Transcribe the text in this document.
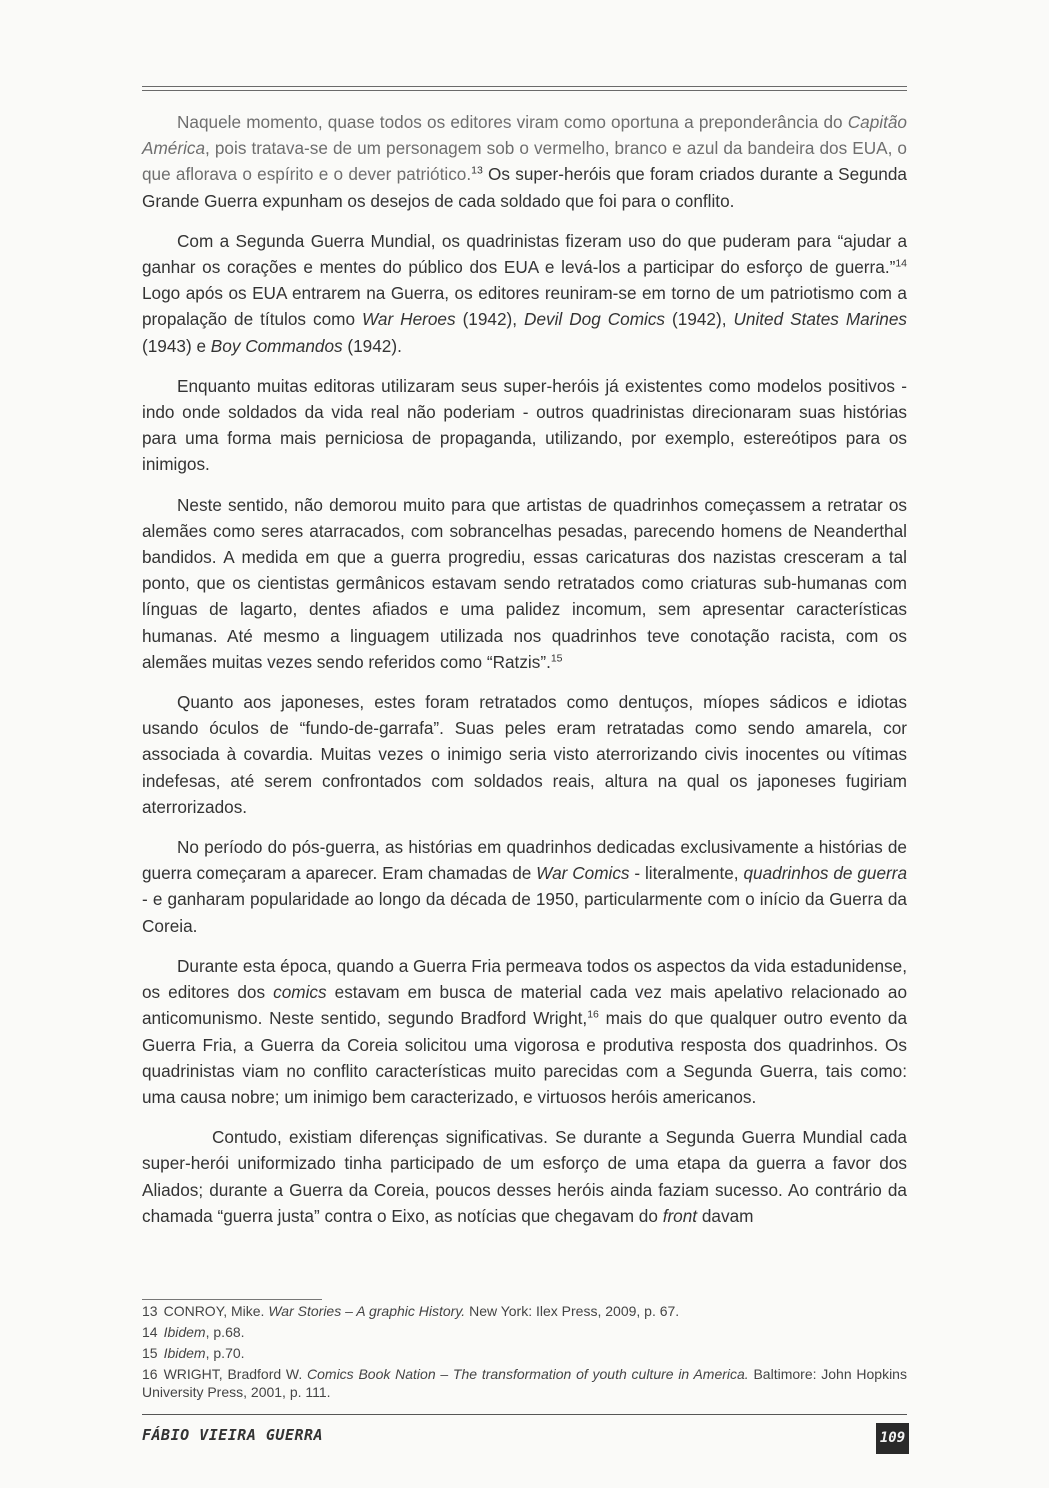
Naquele momento, quase todos os editores viram como oportuna a preponderância do Capitão América, pois tratava-se de um personagem sob o vermelho, branco e azul da bandeira dos EUA, o que aflorava o espírito e o dever patriótico.$^{13}$ Os super-heróis que foram criados durante a Segunda Grande Guerra expunham os desejos de cada soldado que foi para o conflito.

Com a Segunda Guerra Mundial, os quadrinistas fizeram uso do que puderam para “ajudar a ganhar os corações e mentes do público dos EUA e levá-los a participar do esforço de guerra.”$^{14}$ Logo após os EUA entrarem na Guerra, os editores reuniram-se em torno de um patriotismo com a propalação de títulos como War Heroes (1942), Devil Dog Comics (1942), United States Marines (1943) e Boy Commandos (1942).

Enquanto muitas editoras utilizaram seus super-heróis já existentes como modelos positivos - indo onde soldados da vida real não poderiam - outros quadrinistas direcionaram suas histórias para uma forma mais perniciosa de propaganda, utilizando, por exemplo, estereótipos para os inimigos.

Neste sentido, não demorou muito para que artistas de quadrinhos começassem a retratar os alemães como seres atarracados, com sobrancelhas pesadas, parecendo homens de Neanderthal bandidos. A medida em que a guerra progrediu, essas caricaturas dos nazistas cresceram a tal ponto, que os cientistas germânicos estavam sendo retratados como criaturas sub-humanas com línguas de lagarto, dentes afiados e uma palidez incomum, sem apresentar características humanas. Até mesmo a linguagem utilizada nos quadrinhos teve conotação racista, com os alemães muitas vezes sendo referidos como “Ratzis”.$^{15}$

Quanto aos japoneses, estes foram retratados como dentuços, míopes sádicos e idiotas usando óculos de “fundo-de-garrafa”. Suas peles eram retratadas como sendo amarela, cor associada à covardia. Muitas vezes o inimigo seria visto aterrorizando civis inocentes ou vítimas indefesas, até serem confrontados com soldados reais, altura na qual os japoneses fugiriam aterrorizados.

No período do pós-guerra, as histórias em quadrinhos dedicadas exclusivamente a histórias de guerra começaram a aparecer. Eram chamadas de War Comics - literalmente, quadrinhos de guerra - e ganharam popularidade ao longo da década de 1950, particularmente com o início da Guerra da Coreia.

Durante esta época, quando a Guerra Fria permeava todos os aspectos da vida estadunidense, os editores dos comics estavam em busca de material cada vez mais apelativo relacionado ao anticomunismo. Neste sentido, segundo Bradford Wright,$^{16}$ mais do que qualquer outro evento da Guerra Fria, a Guerra da Coreia solicitou uma vigorosa e produtiva resposta dos quadrinhos. Os quadrinistas viam no conflito características muito parecidas com a Segunda Guerra, tais como: uma causa nobre; um inimigo bem caracterizado, e virtuosos heróis americanos.

Contudo, existiam diferenças significativas. Se durante a Segunda Guerra Mundial cada super-herói uniformizado tinha participado de um esforço de uma etapa da guerra a favor dos Aliados; durante a Guerra da Coreia, poucos desses heróis ainda faziam sucesso. Ao contrário da chamada “guerra justa” contra o Eixo, as notícias que chegavam do front davam

13 CONROY, Mike. War Stories – A graphic History. New York: Ilex Press, 2009, p. 67.
14 Ibidem, p.68.
15 Ibidem, p.70.
16 WRIGHT, Bradford W. Comics Book Nation – The transformation of youth culture in America. Baltimore: John Hopkins University Press, 2001, p. 111.
FÁBIO VIEIRA GUERRA	109
